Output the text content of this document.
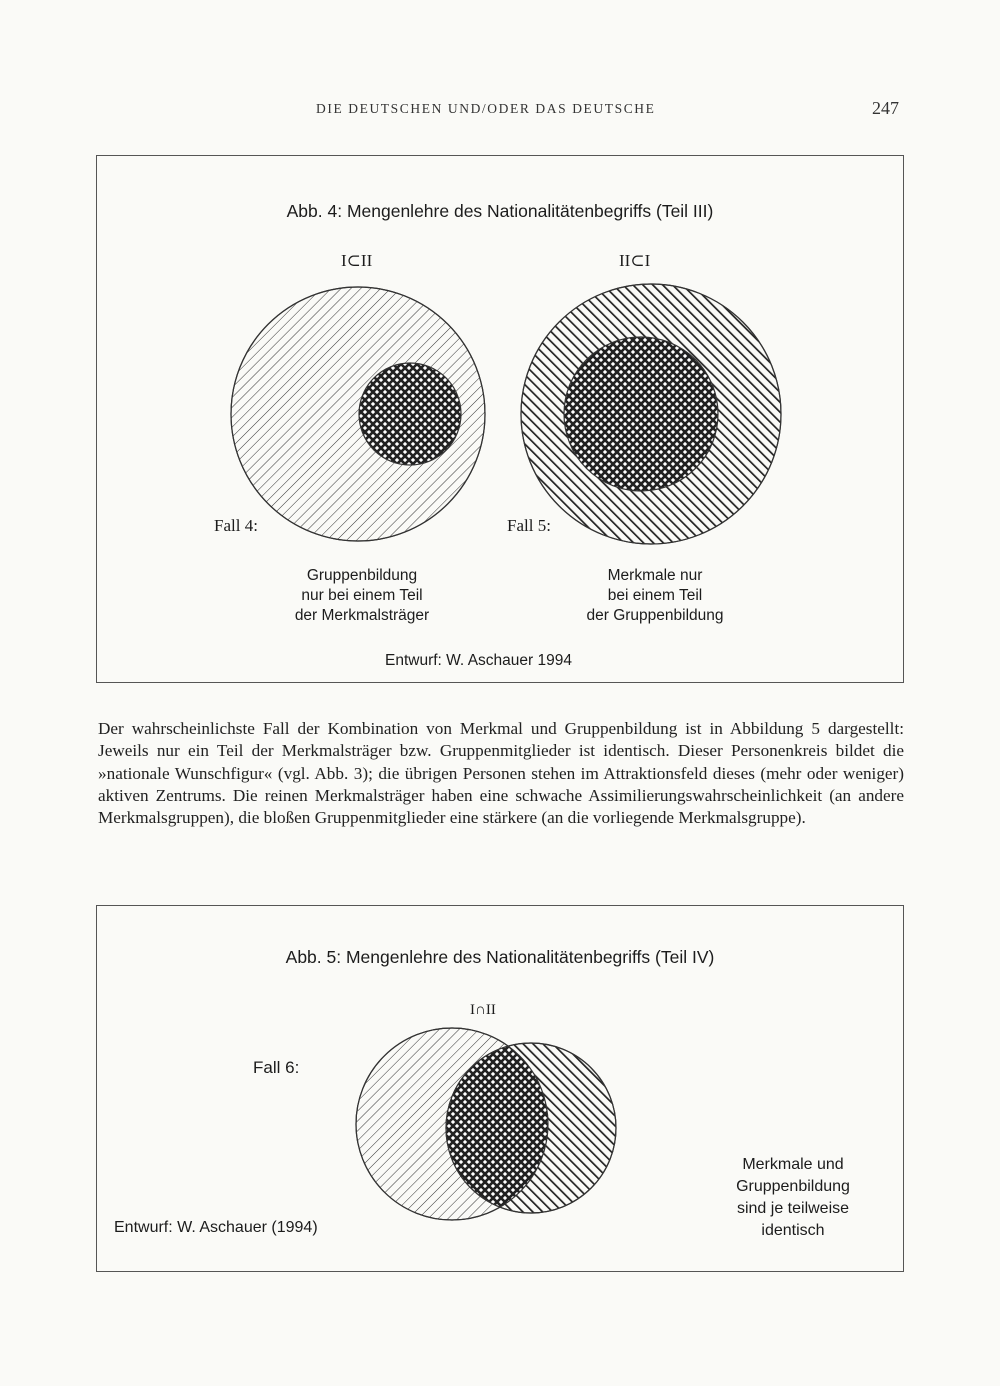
DIE DEUTSCHEN UND/ODER DAS DEUTSCHE	247
Abb. 4: Mengenlehre des Nationalitätenbegriffs (Teil III)
I⊂II	II⊂I
Fall 4:	Fall 5:
Gruppenbildung
nur bei einem Teil
der Merkmalsträger
Merkmale nur
bei einem Teil
der Gruppenbildung
Entwurf: W. Aschauer 1994

Der wahrscheinlichste Fall der Kombination von Merkmal und Gruppenbildung ist in Abbildung 5 dargestellt: Jeweils nur ein Teil der Merkmalsträger bzw. Gruppenmitglieder ist identisch. Dieser Personenkreis bildet die »nationale Wunschfigur« (vgl. Abb. 3); die übrigen Personen stehen im Attraktionsfeld dieses (mehr oder weniger) aktiven Zentrums. Die reinen Merkmalsträger haben eine schwache Assimilierungswahrscheinlichkeit (an andere Merkmalsgruppen), die bloßen Gruppenmitglieder eine stärkere (an die vorliegende Merkmalsgruppe).

Abb. 5: Mengenlehre des Nationalitätenbegriffs (Teil IV)
I∩II
Fall 6:
Merkmale und
Gruppenbildung
sind je teilweise
identisch
Entwurf: W. Aschauer (1994)
